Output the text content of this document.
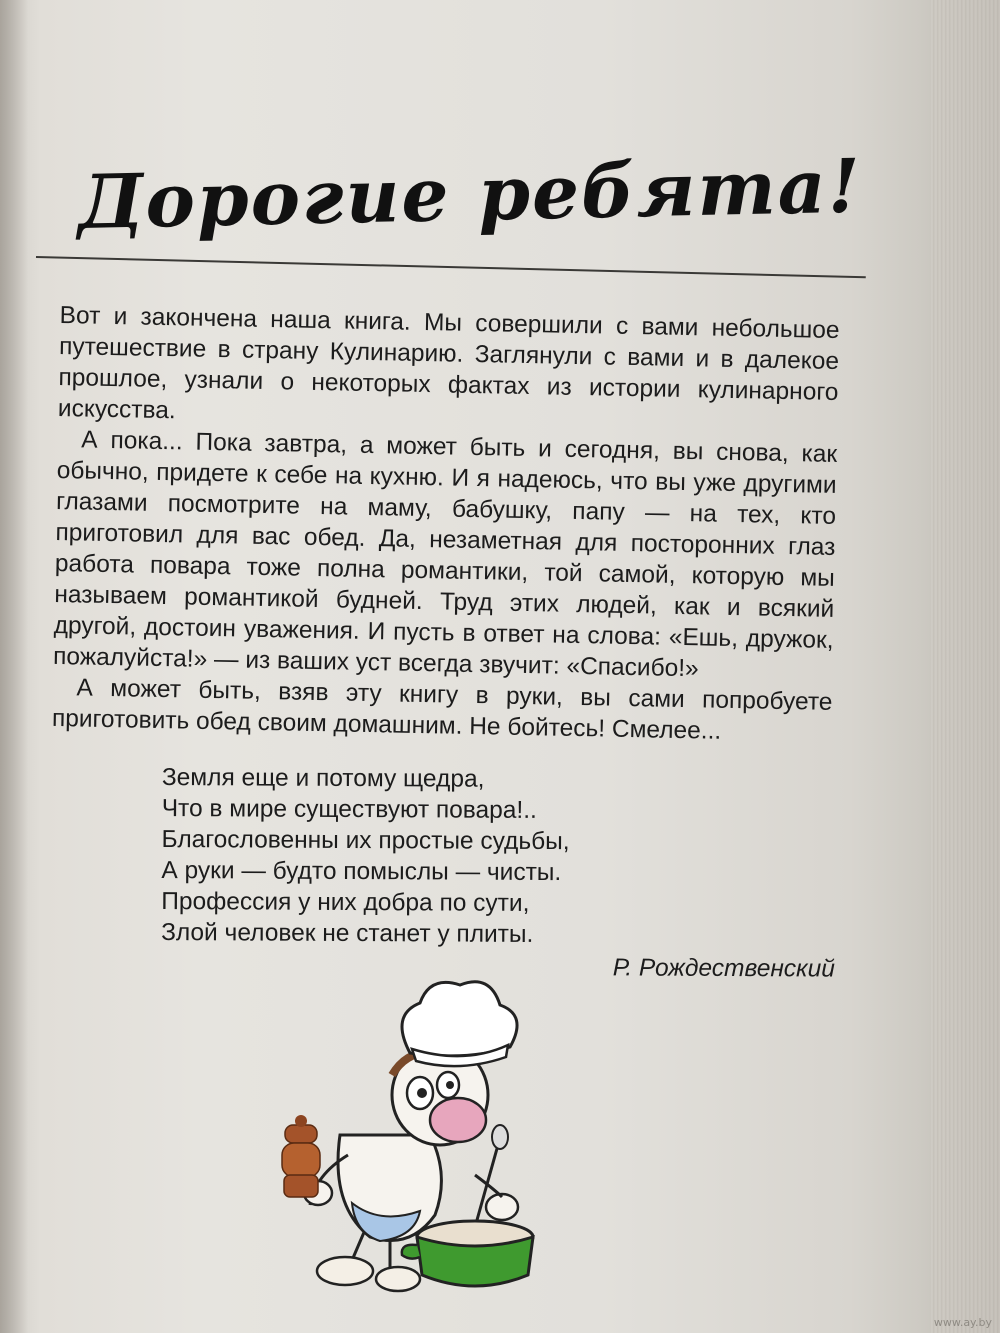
Дорогие ребята!

Вот и закончена наша книга. Мы совершили с вами небольшое путешествие в страну Кулинарию. Заглянули с вами и в далекое прошлое, узнали о некоторых фактах из истории кулинарного искусства.

А пока... Пока завтра, а может быть и сегодня, вы снова, как обычно, придете к себе на кухню. И я надеюсь, что вы уже другими глазами посмотрите на маму, бабушку, папу — на тех, кто приготовил для вас обед. Да, незаметная для посторонних глаз работа повара тоже полна романтики, той самой, которую мы называем романтикой будней. Труд этих людей, как и всякий другой, достоин уважения. И пусть в ответ на слова: «Ешь, дружок, пожалуйста!» — из ваших уст всегда звучит: «Спасибо!»

А может быть, взяв эту книгу в руки, вы сами попробуете приготовить обед своим домашним. Не бойтесь! Смелее...

Земля еще и потому щедра,
Что в мире существуют повара!..
Благословенны их простые судьбы,
А руки — будто помыслы — чисты.
Профессия у них добра по сути,
Злой человек не станет у плиты.
Р. Рождественский
www.ay.by
